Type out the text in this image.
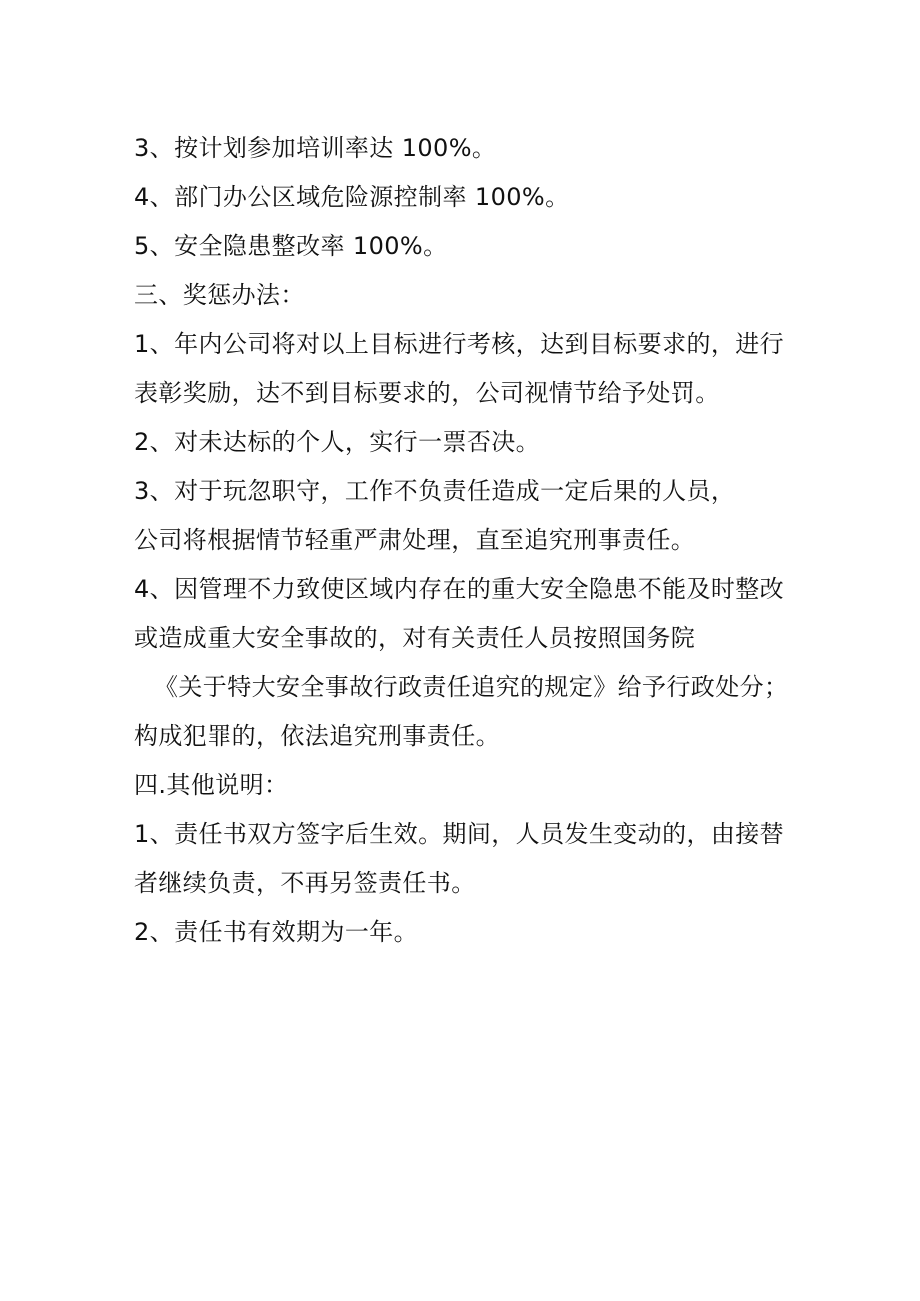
3、按计划参加培训率达 100%。
4、部门办公区域危险源控制率 100%。
5、安全隐患整改率 100%。
三、奖惩办法：
1、年内公司将对以上目标进行考核，达到目标要求的，进行
表彰奖励，达不到目标要求的，公司视情节给予处罚。
2、对未达标的个人，实行一票否决。
3、对于玩忽职守，工作不负责任造成一定后果的人员，
公司将根据情节轻重严肃处理，直至追究刑事责任。
4、因管理不力致使区域内存在的重大安全隐患不能及时整改
或造成重大安全事故的，对有关责任人员按照国务院
《关于特大安全事故行政责任追究的规定》给予行政处分；
构成犯罪的，依法追究刑事责任。
四.其他说明：
1、责任书双方签字后生效。期间，人员发生变动的，由接替
者继续负责，不再另签责任书。
2、责任书有效期为一年。
